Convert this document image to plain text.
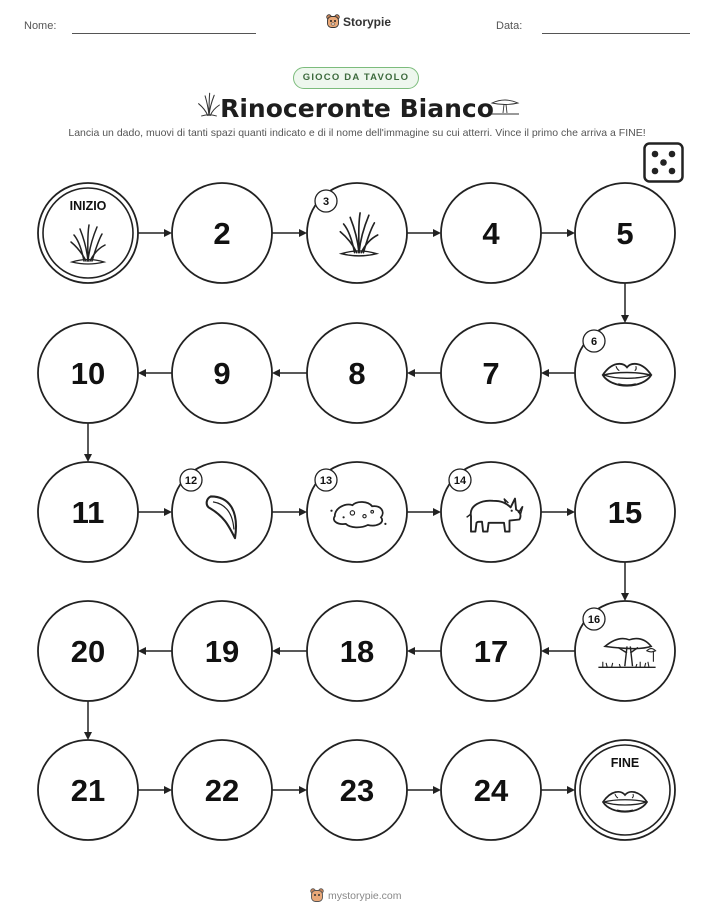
Nome:	Storypie	Data:
GIOCO DA TAVOLO
Rinoceronte Bianco
Lancia un dado, muovi di tanti spazi quanti indicato e di il nome dell'immagine su cui atterri. Vince il primo che arriva a FINE!
INIZIO
2
3
4	5
6
7
8
9
10
11
12	13	14
15
16
17
18
19
20
21	22	23	24
FINE
mystorypie.com
